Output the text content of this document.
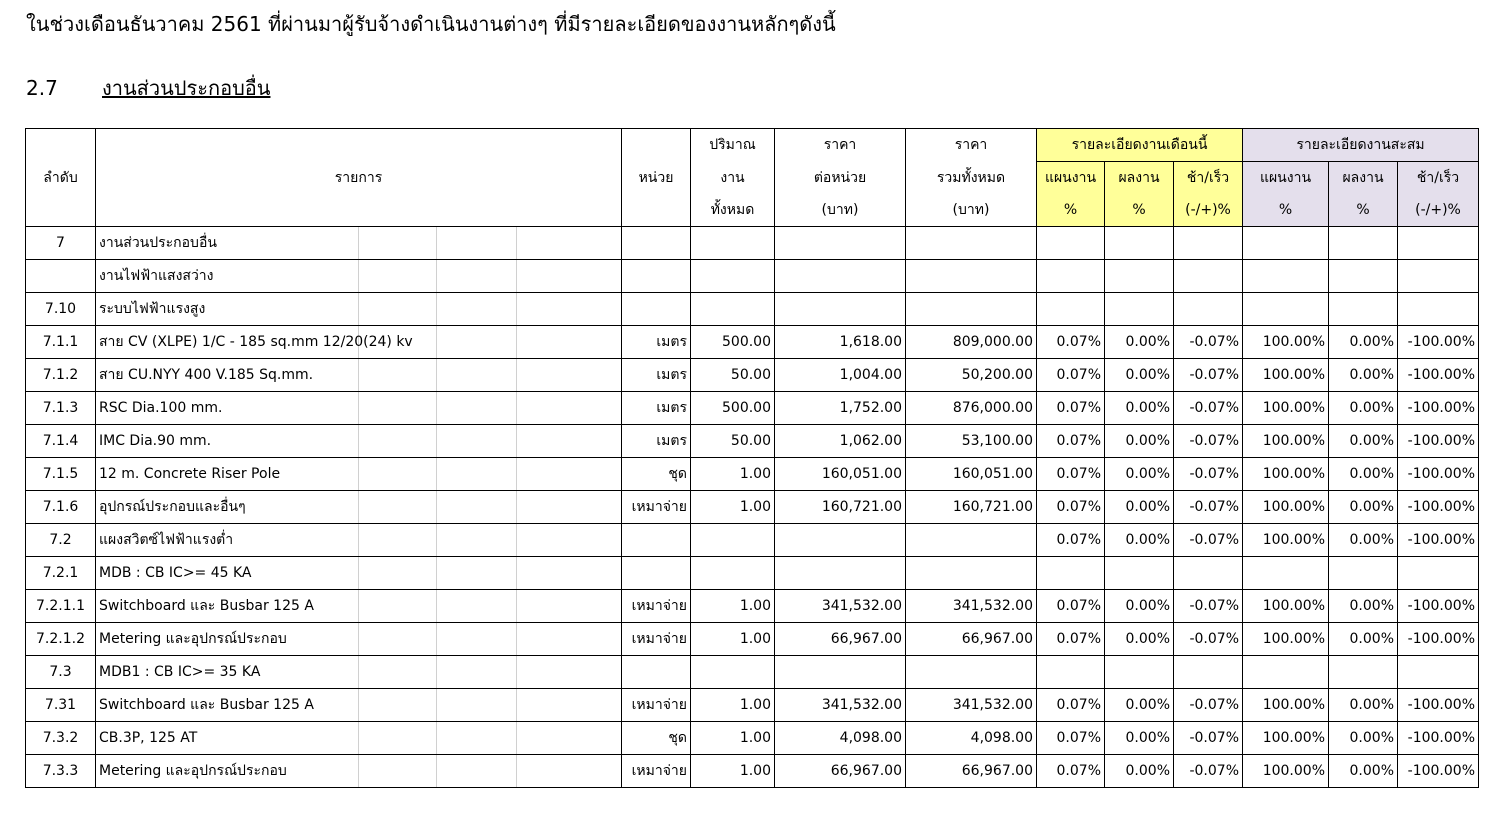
ในช่วงเดือนธันวาคม 2561 ที่ผ่านมาผู้รับจ้างดำเนินงานต่างๆ ที่มีรายละเอียดของงานหลักๆดังนี้
2.7 งานส่วนประกอบอื่น
			ปริมาณ	ราคา	ราคา	รายละเอียดงานเดือนนี้			รายละเอียดงานสะสม		
ลำดับ	รายการ	หน่วย	งาน	ต่อหน่วย	รวมทั้งหมด	แผนงาน	ผลงาน	ช้า/เร็ว	แผนงาน	ผลงาน	ช้า/เร็ว
			ทั้งหมด	(บาท)	(บาท)	%	%	(-/+)%	%	%	(-/+)%
7	งานส่วนประกอบอื่น										

	งานไฟฟ้าแสงสว่าง										

7.10	ระบบไฟฟ้าแรงสูง										

7.1.1	สาย CV (XLPE) 1/C - 185 sq.mm 12/20(24) kv	เมตร	500.00	1,618.00	809,000.00	0.07%	0.00%	-0.07%	100.00%	0.00%	-100.00%
7.1.2	สาย CU.NYY 400 V.185 Sq.mm.	เมตร	50.00	1,004.00	50,200.00	0.07%	0.00%	-0.07%	100.00%	0.00%	-100.00%
7.1.3	RSC Dia.100 mm.	เมตร	500.00	1,752.00	876,000.00	0.07%	0.00%	-0.07%	100.00%	0.00%	-100.00%
7.1.4	IMC Dia.90 mm.	เมตร	50.00	1,062.00	53,100.00	0.07%	0.00%	-0.07%	100.00%	0.00%	-100.00%
7.1.5	12 m. Concrete Riser Pole	ชุด	1.00	160,051.00	160,051.00	0.07%	0.00%	-0.07%	100.00%	0.00%	-100.00%
7.1.6	อุปกรณ์ประกอบและอื่นๆ	เหมาจ่าย	1.00	160,721.00	160,721.00	0.07%	0.00%	-0.07%	100.00%	0.00%	-100.00%
7.2	แผงสวิตซ์ไฟฟ้าแรงต่ำ					0.07%	0.00%	-0.07%	100.00%	0.00%	-100.00%
7.2.1	MDB : CB IC>= 45 KA										

7.2.1.1	Switchboard และ Busbar 125 A	เหมาจ่าย	1.00	341,532.00	341,532.00	0.07%	0.00%	-0.07%	100.00%	0.00%	-100.00%
7.2.1.2	Metering และอุปกรณ์ประกอบ	เหมาจ่าย	1.00	66,967.00	66,967.00	0.07%	0.00%	-0.07%	100.00%	0.00%	-100.00%
7.3	MDB1 : CB IC>= 35 KA										

7.31	Switchboard และ Busbar 125 A	เหมาจ่าย	1.00	341,532.00	341,532.00	0.07%	0.00%	-0.07%	100.00%	0.00%	-100.00%
7.3.2	CB.3P, 125 AT	ชุด	1.00	4,098.00	4,098.00	0.07%	0.00%	-0.07%	100.00%	0.00%	-100.00%
7.3.3	Metering และอุปกรณ์ประกอบ	เหมาจ่าย	1.00	66,967.00	66,967.00	0.07%	0.00%	-0.07%	100.00%	0.00%	-100.00%
